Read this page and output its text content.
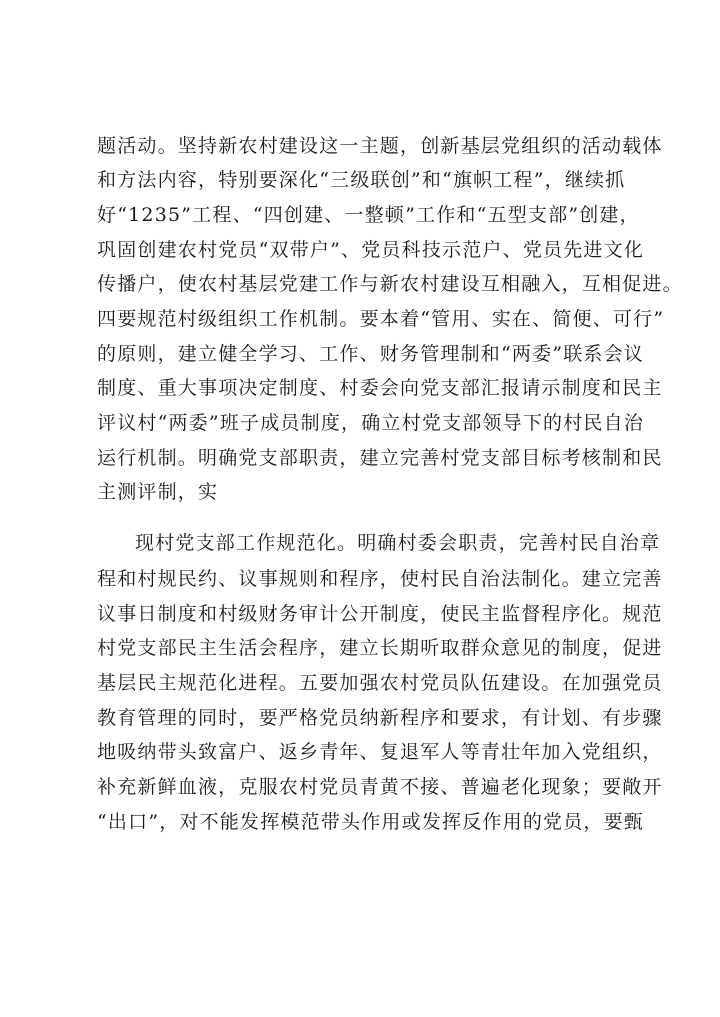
题活动。坚持新农村建设这一主题，创新基层党组织的活动载体
和方法内容，特别要深化“三级联创”和“旗帜工程”，继续抓
好“1235”工程、“四创建、一整顿”工作和“五型支部”创建，
巩固创建农村党员“双带户”、党员科技示范户、党员先进文化
传播户，使农村基层党建工作与新农村建设互相融入，互相促进。
四要规范村级组织工作机制。要本着“管用、实在、简便、可行”
的原则，建立健全学习、工作、财务管理制和“两委”联系会议
制度、重大事项决定制度、村委会向党支部汇报请示制度和民主
评议村“两委”班子成员制度，确立村党支部领导下的村民自治
运行机制。明确党支部职责，建立完善村党支部目标考核制和民
主测评制，实
现村党支部工作规范化。明确村委会职责，完善村民自治章
程和村规民约、议事规则和程序，使村民自治法制化。建立完善
议事日制度和村级财务审计公开制度，使民主监督程序化。规范
村党支部民主生活会程序，建立长期听取群众意见的制度，促进
基层民主规范化进程。五要加强农村党员队伍建设。在加强党员
教育管理的同时，要严格党员纳新程序和要求，有计划、有步骤
地吸纳带头致富户、返乡青年、复退军人等青壮年加入党组织，
补充新鲜血液，克服农村党员青黄不接、普遍老化现象；要敞开
“出口”，对不能发挥模范带头作用或发挥反作用的党员，要甄
